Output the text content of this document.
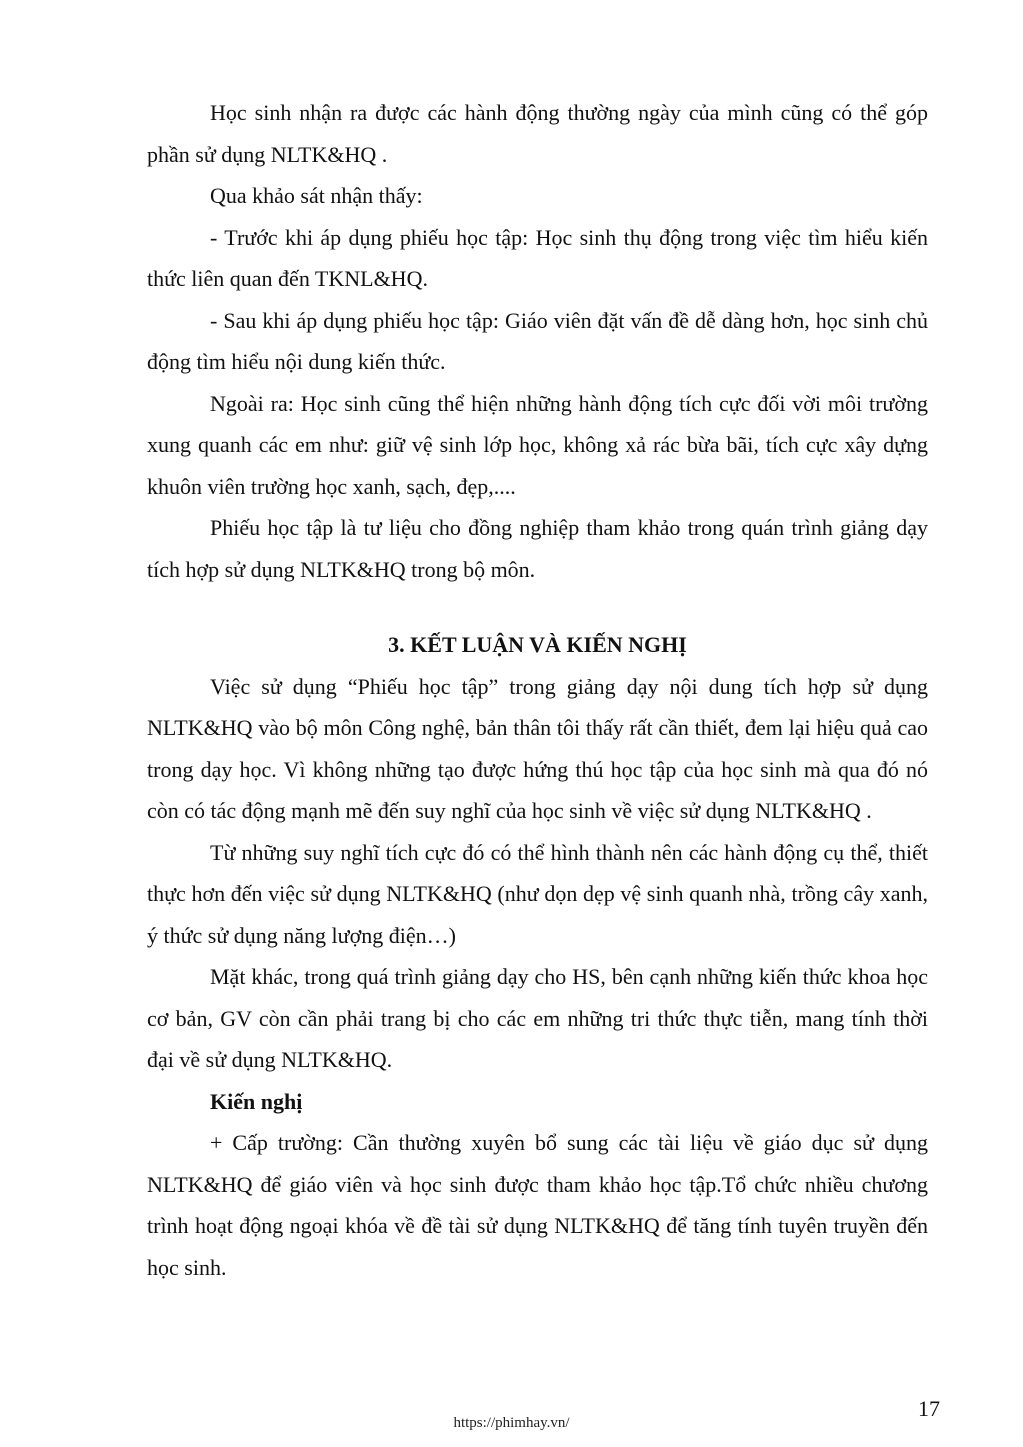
Học sinh nhận ra được các hành động thường ngày của mình cũng có thể góp phần sử dụng NLTK&HQ .

Qua khảo sát nhận thấy:

- Trước khi áp dụng phiếu học tập: Học sinh thụ động trong việc tìm hiểu kiến thức liên quan đến TKNL&HQ.

- Sau khi áp dụng phiếu học tập: Giáo viên đặt vấn đề dễ dàng hơn, học sinh chủ động tìm hiểu nội dung kiến thức.

Ngoài ra: Học sinh cũng thể hiện những hành động tích cực đối vời môi trường xung quanh các em như: giữ vệ sinh lớp học, không xả rác bừa bãi, tích cực xây dựng khuôn viên trường học xanh, sạch, đẹp,....

Phiếu học tập là tư liệu cho đồng nghiệp tham khảo trong quán trình giảng dạy tích hợp sử dụng NLTK&HQ trong bộ môn.

3. KẾT LUẬN VÀ KIẾN NGHỊ

Việc sử dụng “Phiếu học tập” trong giảng dạy nội dung tích hợp sử dụng NLTK&HQ vào bộ môn Công nghệ, bản thân tôi thấy rất cần thiết, đem lại hiệu quả cao trong dạy học. Vì không những tạo được hứng thú học tập của học sinh mà qua đó nó còn có tác động mạnh mẽ đến suy nghĩ của học sinh về việc sử dụng NLTK&HQ .

Từ những suy nghĩ tích cực đó có thể hình thành nên các hành động cụ thể, thiết thực hơn đến việc sử dụng NLTK&HQ (như dọn dẹp vệ sinh quanh nhà, trồng cây xanh, ý thức sử dụng năng lượng điện…)

Mặt khác, trong quá trình giảng dạy cho HS, bên cạnh những kiến thức khoa học cơ bản, GV còn cần phải trang bị cho các em những tri thức thực tiễn, mang tính thời đại về sử dụng NLTK&HQ.

Kiến nghị

+ Cấp trường: Cần thường xuyên bổ sung các tài liệu về giáo dục sử dụng NLTK&HQ để giáo viên và học sinh được tham khảo học tập.Tổ chức nhiều chương trình hoạt động ngoại khóa về đề tài sử dụng NLTK&HQ để tăng tính tuyên truyền đến học sinh.

17
https://phimhay.vn/
